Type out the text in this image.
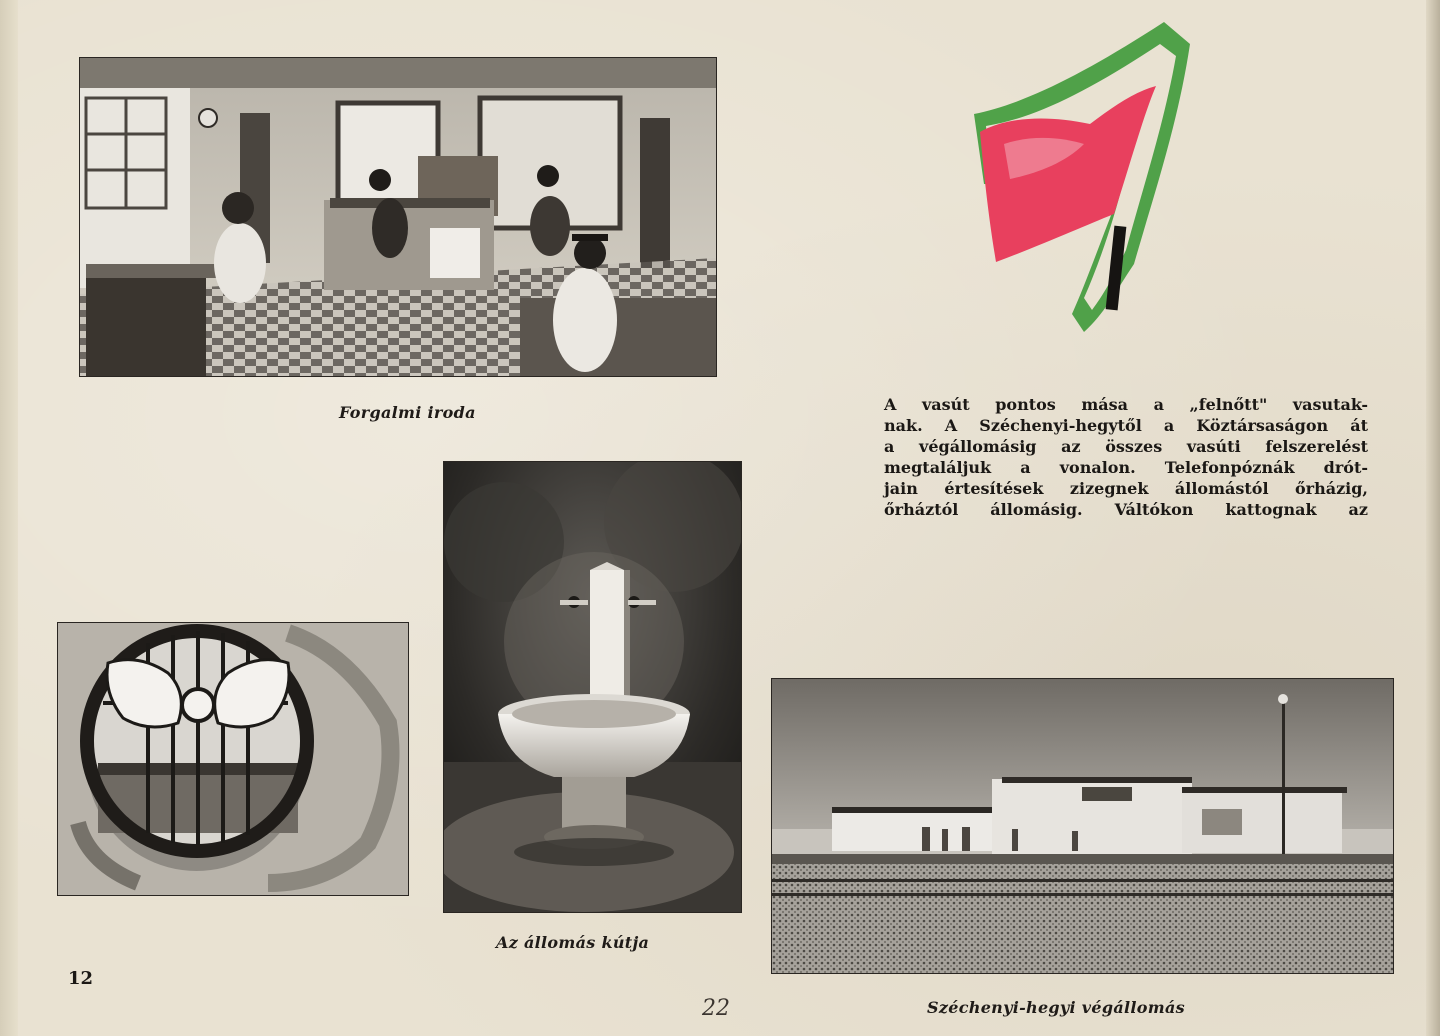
Forgalmi iroda
Az állomás kútja
Széchenyi-hegyi végállomás
A vasút pontos mása a „felnőtt" vasutak-
nak. A Széchenyi-hegytől a Köztársaságon át
a végállomásig az összes vasúti felszerelést
megtaláljuk a vonalon. Telefonpóznák drót-
jain értesítések zizegnek állomástól őrházig,
őrháztól állomásig. Váltókon kattognak az
12
22
